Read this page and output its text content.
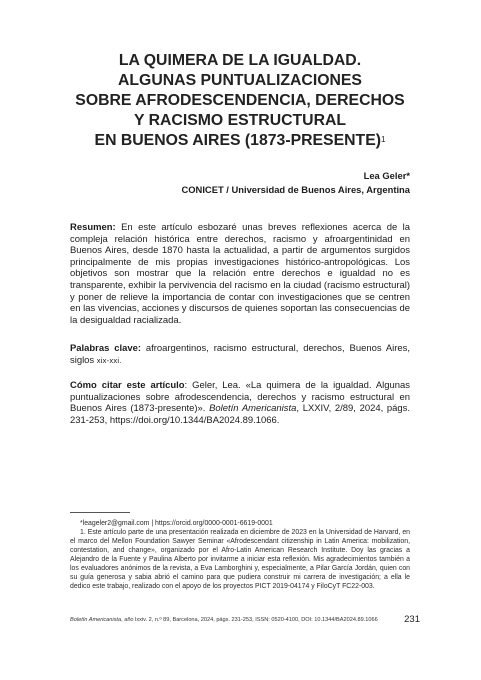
LA QUIMERA DE LA IGUALDAD.
ALGUNAS PUNTUALIZACIONES
SOBRE AFRODESCENDENCIA, DERECHOS
Y RACISMO ESTRUCTURAL
EN BUENOS AIRES (1873-PRESENTE)$^1$
Lea Geler*
CONICET / Universidad de Buenos Aires, Argentina
Resumen: En este artículo esbozaré unas breves reflexiones acerca de la compleja relación histórica entre derechos, racismo y afroargentinidad en Buenos Aires, desde 1870 hasta la actualidad, a partir de argumentos surgidos principalmente de mis propias investigaciones histórico-antropológicas. Los objetivos son mostrar que la relación entre derechos e igualdad no es transparente, exhibir la pervivencia del racismo en la ciudad (racismo estructural) y poner de relieve la importancia de contar con investigaciones que se centren en las vivencias, acciones y discursos de quienes soportan las consecuencias de la desigualdad racializada.
Palabras clave: afroargentinos, racismo estructural, derechos, Buenos Aires, siglos xix-xxi.
Cómo citar este artículo: Geler, Lea. «La quimera de la igualdad. Algunas puntualizaciones sobre afrodescendencia, derechos y racismo estructural en Buenos Aires (1873-presente)». Boletín Americanista, LXXIV, 2/89, 2024, págs. 231-253, https://doi.org/10.1344/BA2024.89.1066.
*leageler2@gmail.com | https://orcid.org/0000-0001-6619-0001
1. Este artículo parte de una presentación realizada en diciembre de 2023 en la Universidad de Harvard, en el marco del Mellon Foundation Sawyer Seminar «Afrodescendant citizenship in Latin America: mobilization, contestation, and change», organizado por el Afro-Latin American Research Institute. Doy las gracias a Alejandro de la Fuente y Paulina Alberto por invitarme a iniciar esta reflexión. Mis agradecimientos también a los evaluadores anónimos de la revista, a Eva Lamborghini y, especialmente, a Pilar García Jordán, quien con su guía generosa y sabia abrió el camino para que pudiera construir mi carrera de investigación; a ella le dedico este trabajo, realizado con el apoyo de los proyectos PICT 2019-04174 y FiloCyT FC22-003.
Boletín Americanista, año lxxiv. 2, n.º 89, Barcelona, 2024, págs. 231-253, ISSN: 0520-4100, DOI: 10.1344/BA2024.89.1066	231
